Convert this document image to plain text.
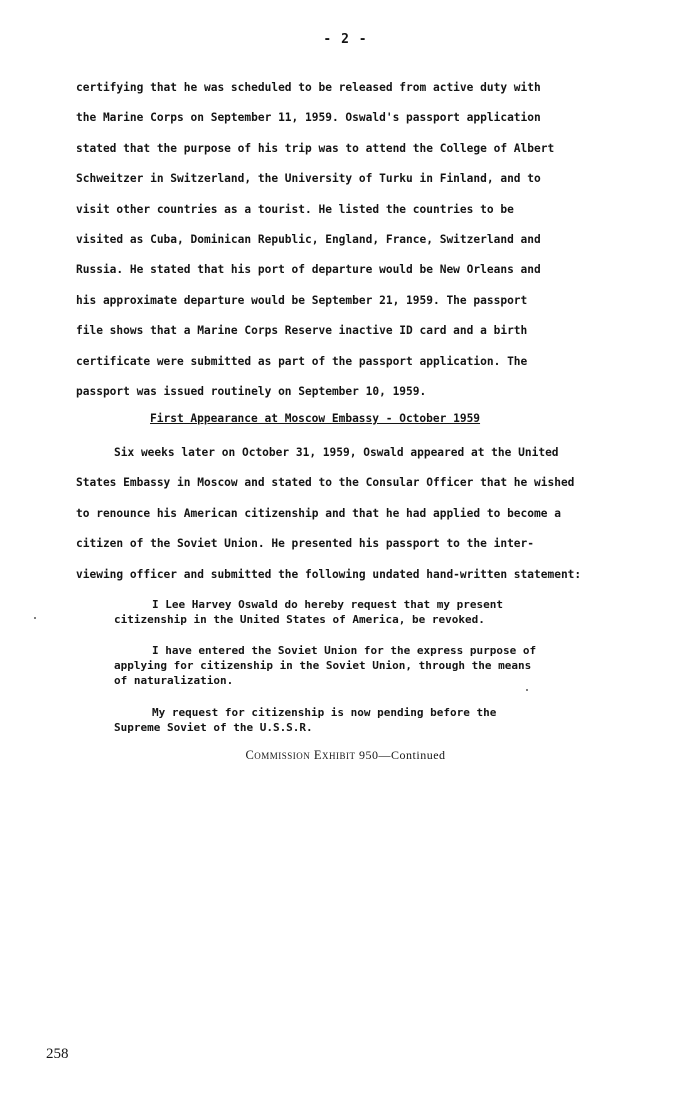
- 2 -
certifying that he was scheduled to be released from active duty with
the Marine Corps on September 11, 1959. Oswald's passport application
stated that the purpose of his trip was to attend the College of Albert
Schweitzer in Switzerland, the University of Turku in Finland, and to
visit other countries as a tourist. He listed the countries to be
visited as Cuba, Dominican Republic, England, France, Switzerland and
Russia. He stated that his port of departure would be New Orleans and
his approximate departure would be September 21, 1959. The passport
file shows that a Marine Corps Reserve inactive ID card and a birth
certificate were submitted as part of the passport application. The
passport was issued routinely on September 10, 1959.
First Appearance at Moscow Embassy - October 1959
Six weeks later on October 31, 1959, Oswald appeared at the United
States Embassy in Moscow and stated to the Consular Officer that he wished
to renounce his American citizenship and that he had applied to become a
citizen of the Soviet Union. He presented his passport to the inter-
viewing officer and submitted the following undated hand-written statement:
I Lee Harvey Oswald do hereby request that my present
citizenship in the United States of America, be revoked.
I have entered the Soviet Union for the express purpose of
applying for citizenship in the Soviet Union, through the means
of naturalization.
My request for citizenship is now pending before the
Supreme Soviet of the U.S.S.R.
Commission Exhibit 950—Continued
258
